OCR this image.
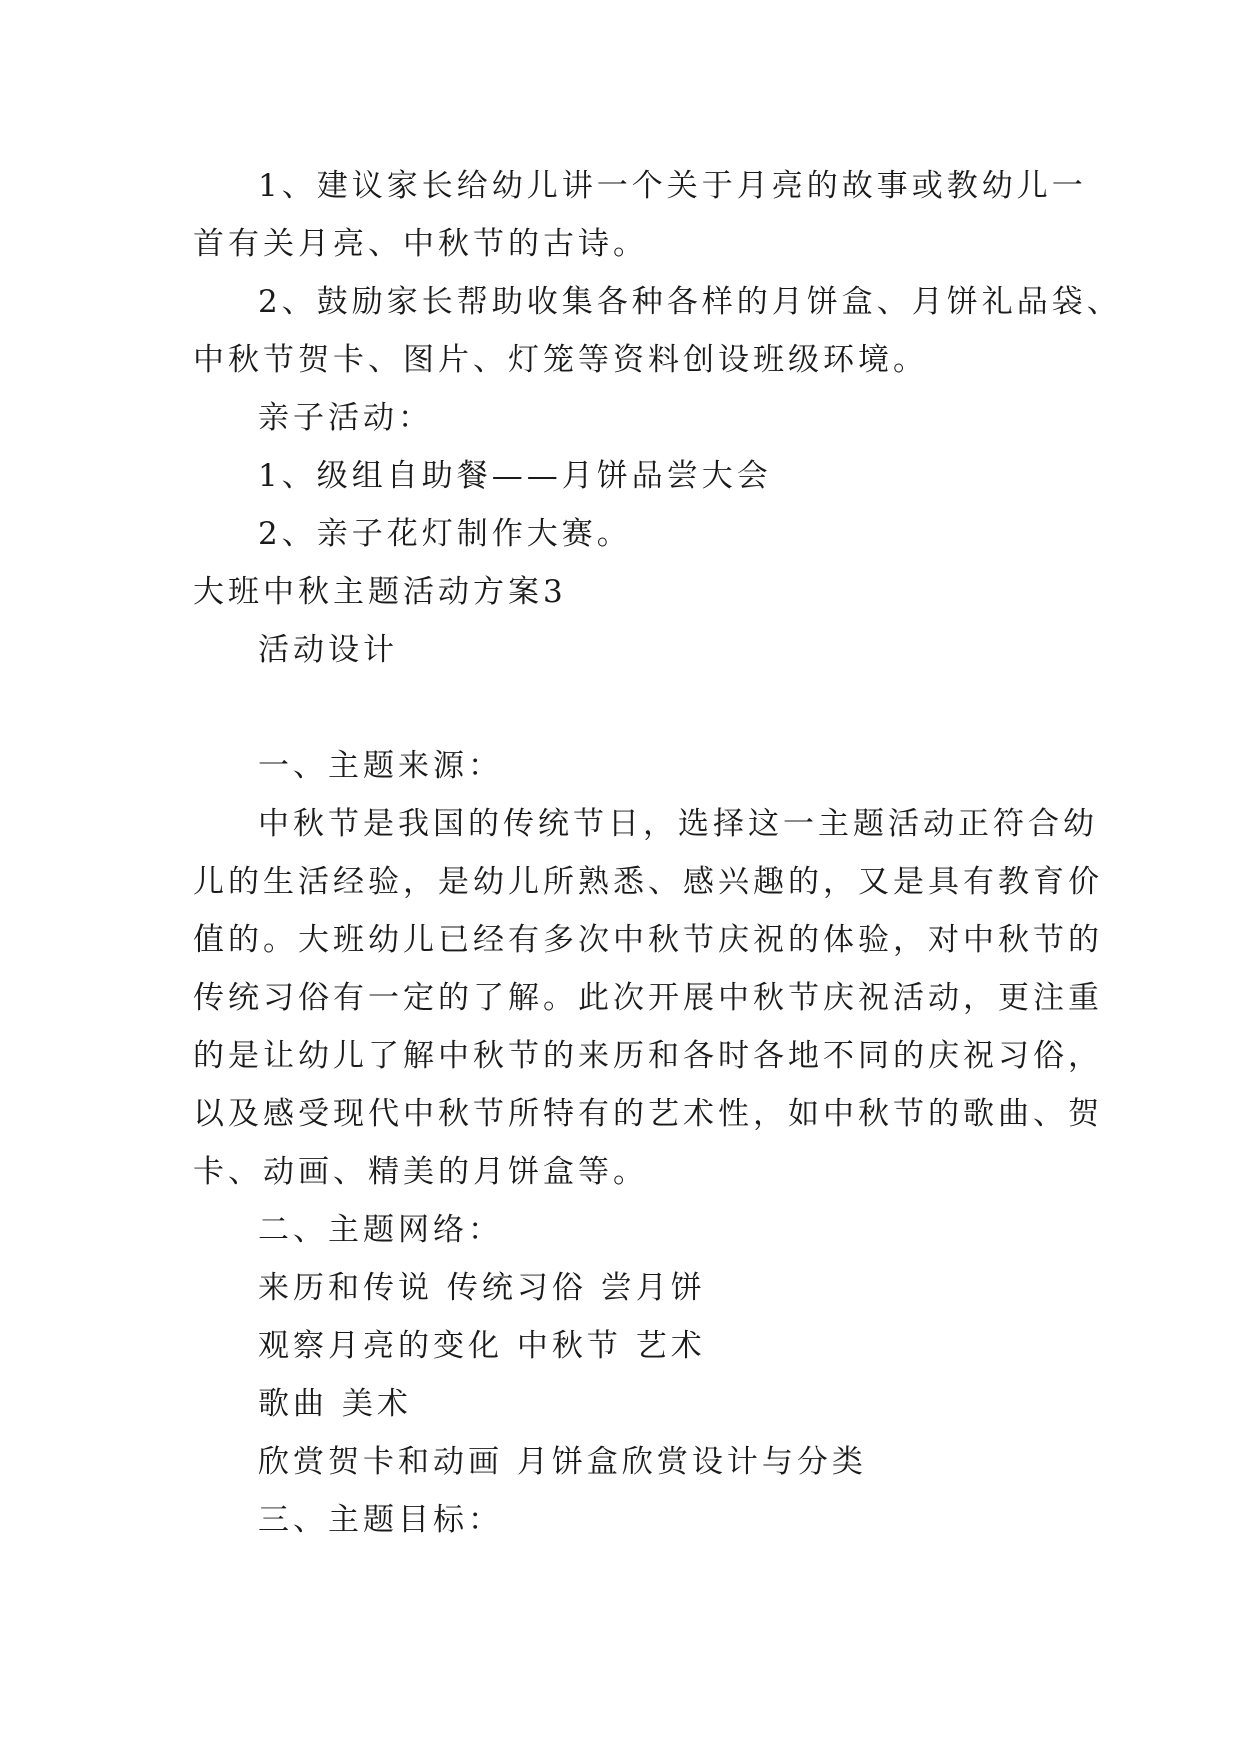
1、建议家长给幼儿讲一个关于月亮的故事或教幼儿一
首有关月亮、中秋节的古诗。
2、鼓励家长帮助收集各种各样的月饼盒、月饼礼品袋、
中秋节贺卡、图片、灯笼等资料创设班级环境。
亲子活动：
1、级组自助餐——月饼品尝大会
2、亲子花灯制作大赛。
大班中秋主题活动方案3
活动设计
一、主题来源：
中秋节是我国的传统节日，选择这一主题活动正符合幼
儿的生活经验，是幼儿所熟悉、感兴趣的，又是具有教育价
值的。大班幼儿已经有多次中秋节庆祝的体验，对中秋节的
传统习俗有一定的了解。此次开展中秋节庆祝活动，更注重
的是让幼儿了解中秋节的来历和各时各地不同的庆祝习俗，
以及感受现代中秋节所特有的艺术性，如中秋节的歌曲、贺
卡、动画、精美的月饼盒等。
二、主题网络：
来历和传说 传统习俗 尝月饼
观察月亮的变化 中秋节 艺术
歌曲 美术
欣赏贺卡和动画 月饼盒欣赏设计与分类
三、主题目标：
